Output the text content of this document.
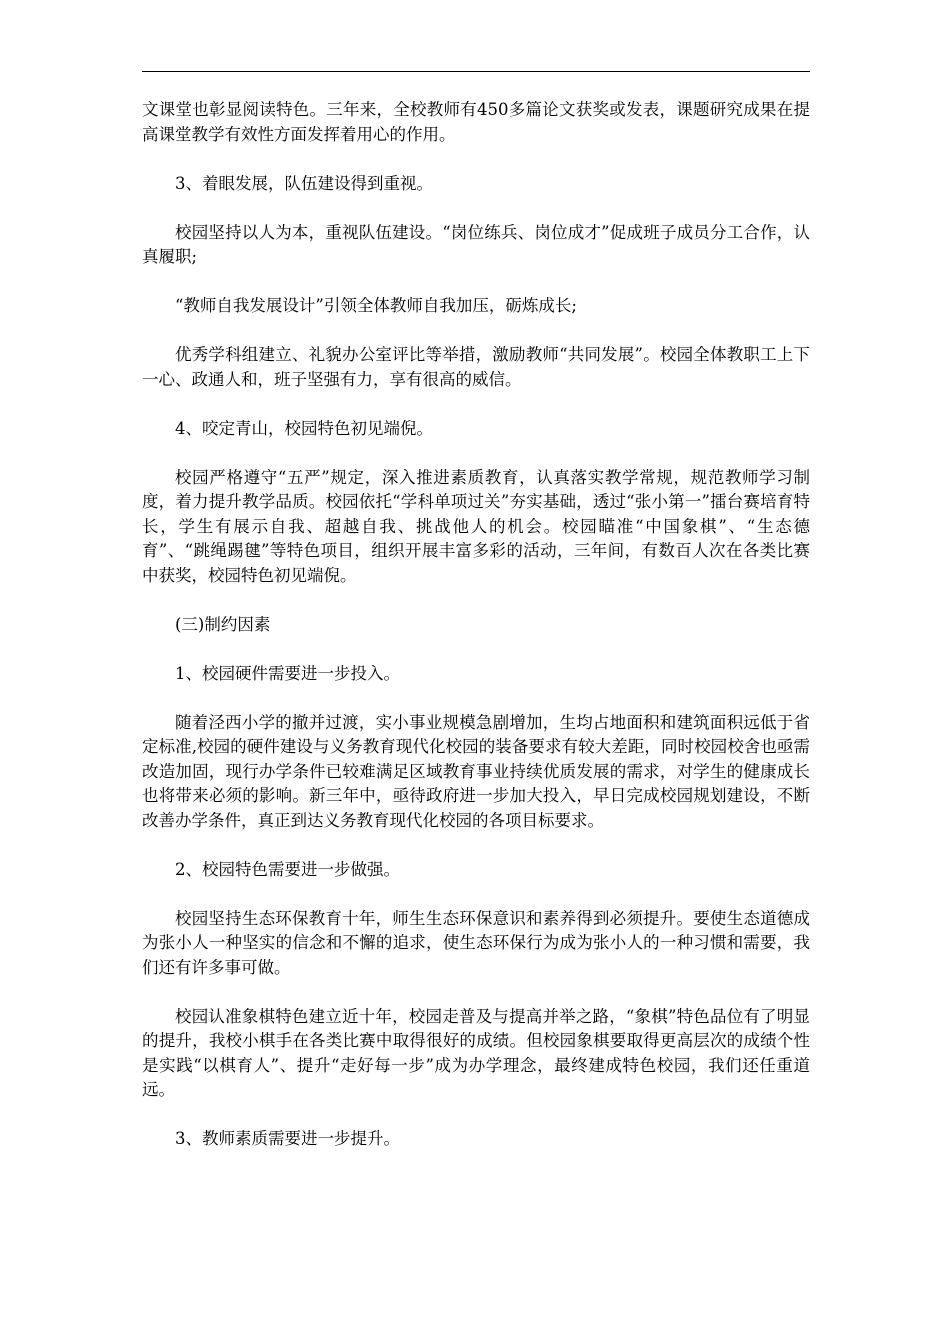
文课堂也彰显阅读特色。三年来，全校教师有450多篇论文获奖或发表，课题研究成果在提高课堂教学有效性方面发挥着用心的作用。

3、着眼发展，队伍建设得到重视。

校园坚持以人为本，重视队伍建设。“岗位练兵、岗位成才”促成班子成员分工合作，认真履职;

“教师自我发展设计”引领全体教师自我加压，砺炼成长;

优秀学科组建立、礼貌办公室评比等举措，激励教师“共同发展”。校园全体教职工上下一心、政通人和，班子坚强有力，享有很高的威信。

4、咬定青山，校园特色初见端倪。

校园严格遵守“五严”规定，深入推进素质教育，认真落实教学常规，规范教师学习制度，着力提升教学品质。校园依托“学科单项过关”夯实基础，透过“张小第一”擂台赛培育特长，学生有展示自我、超越自我、挑战他人的机会。校园瞄准“中国象棋”、“生态德育”、“跳绳踢毽”等特色项目，组织开展丰富多彩的活动，三年间，有数百人次在各类比赛中获奖，校园特色初见端倪。

(三)制约因素

1、校园硬件需要进一步投入。

随着泾西小学的撤并过渡，实小事业规模急剧增加，生均占地面积和建筑面积远低于省定标准,校园的硬件建设与义务教育现代化校园的装备要求有较大差距，同时校园校舍也亟需改造加固，现行办学条件已较难满足区域教育事业持续优质发展的需求，对学生的健康成长也将带来必须的影响。新三年中，亟待政府进一步加大投入，早日完成校园规划建设，不断改善办学条件，真正到达义务教育现代化校园的各项目标要求。

2、校园特色需要进一步做强。

校园坚持生态环保教育十年，师生生态环保意识和素养得到必须提升。要使生态道德成为张小人一种坚实的信念和不懈的追求，使生态环保行为成为张小人的一种习惯和需要，我们还有许多事可做。

校园认准象棋特色建立近十年，校园走普及与提高并举之路，“象棋”特色品位有了明显的提升，我校小棋手在各类比赛中取得很好的成绩。但校园象棋要取得更高层次的成绩个性是实践“以棋育人”、提升“走好每一步”成为办学理念，最终建成特色校园，我们还任重道远。

3、教师素质需要进一步提升。
